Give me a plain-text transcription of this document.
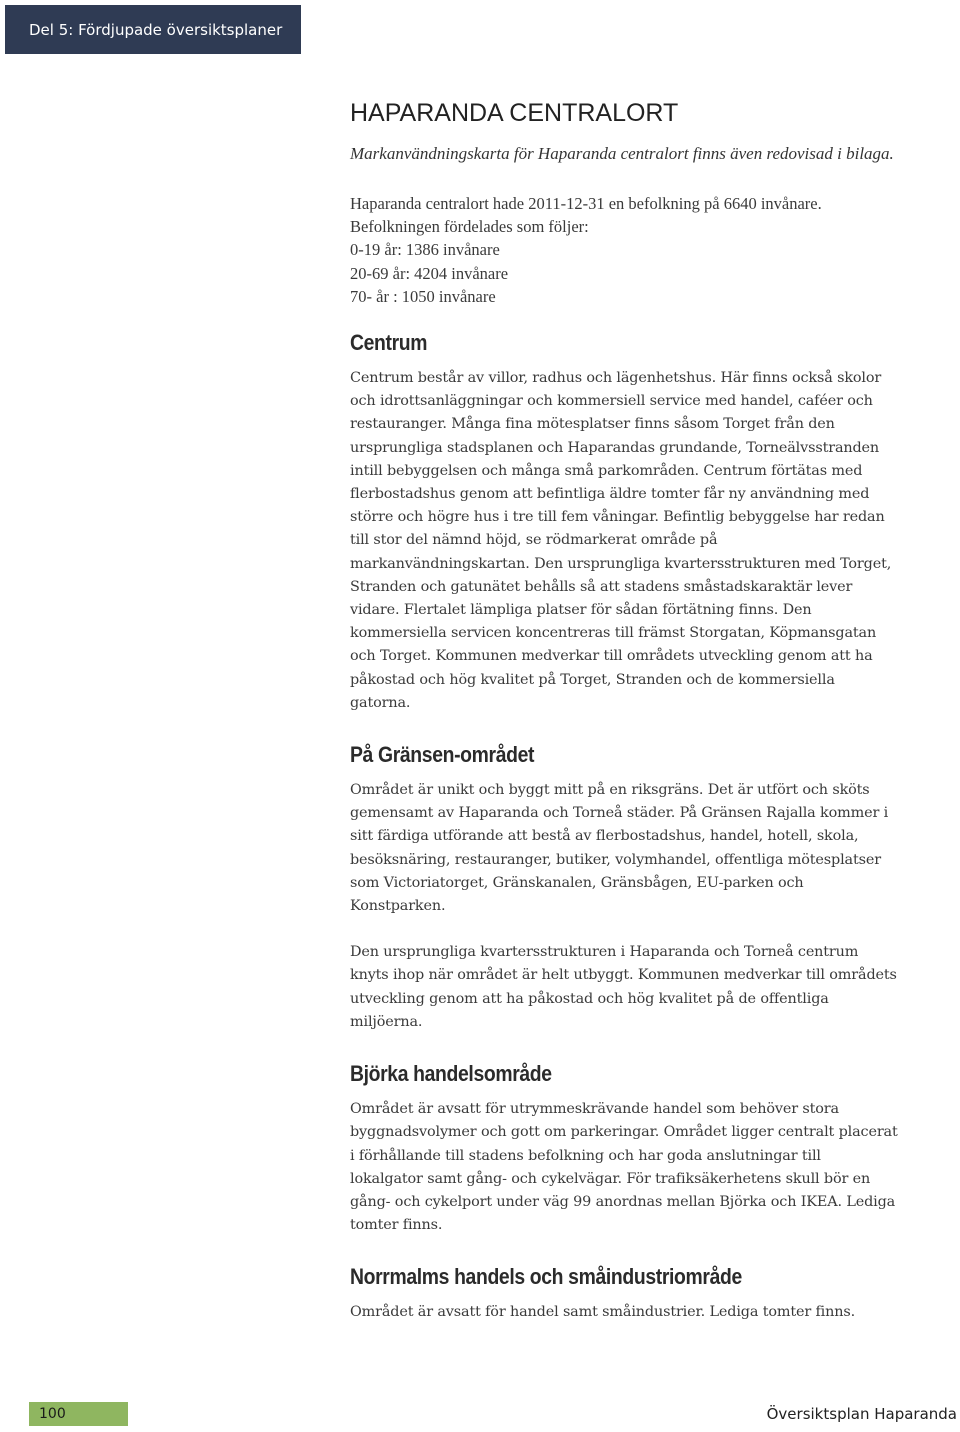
Del 5: Fördjupade översiktsplaner
HAPARANDA CENTRALORT

Markanvändningskarta för Haparanda centralort finns även redovisad i bilaga.

Haparanda centralort hade 2011-12-31 en befolkning på 6640 invånare.
Befolkningen fördelades som följer:
0-19 år: 1386 invånare
20-69 år: 4204 invånare
70- år : 1050 invånare
Centrum

Centrum består av villor, radhus och lägenhetshus. Här finns också skolor och idrottsanläggningar och kommersiell service med handel, caféer och restauranger. Många fina mötesplatser finns såsom Torget från den ursprungliga stadsplanen och Haparandas grundande, Torneälvsstranden intill bebyggelsen och många små parkområden. Centrum förtätas med flerbostadshus genom att befintliga äldre tomter får ny användning med större och högre hus i tre till fem våningar. Befintlig bebyggelse har redan till stor del nämnd höjd, se rödmarkerat område på markanvändningskartan. Den ursprungliga kvartersstrukturen med Torget, Stranden och gatunätet behålls så att stadens småstadskaraktär lever vidare. Flertalet lämpliga platser för sådan förtätning finns. Den kommersiella servicen koncentreras till främst Storgatan, Köpmansgatan och Torget. Kommunen medverkar till områdets utveckling genom att ha påkostad och hög kvalitet på Torget, Stranden och de kommersiella gatorna.

På Gränsen-området

Området är unikt och byggt mitt på en riksgräns. Det är utfört och sköts gemensamt av Haparanda och Torneå städer. På Gränsen Rajalla kommer i sitt färdiga utförande att bestå av flerbostadshus, handel, hotell, skola, besöksnäring, restauranger, butiker, volymhandel, offentliga mötesplatser som Victoriatorget, Gränskanalen, Gränsbågen, EU-parken och Konstparken.

Den ursprungliga kvartersstrukturen i Haparanda och Torneå centrum knyts ihop när området är helt utbyggt. Kommunen medverkar till områdets utveckling genom att ha påkostad och hög kvalitet på de offentliga miljöerna.

Björka handelsområde

Området är avsatt för utrymmeskrävande handel som behöver stora byggnadsvolymer och gott om parkeringar. Området ligger centralt placerat i förhållande till stadens befolkning och har goda anslutningar till lokalgator samt gång- och cykelvägar. För trafiksäkerhetens skull bör en gång- och cykelport under väg 99 anordnas mellan Björka och IKEA. Lediga tomter finns.

Norrmalms handels och småindustriområde

Området är avsatt för handel samt småindustrier. Lediga tomter finns.

100	Översiktsplan Haparanda
